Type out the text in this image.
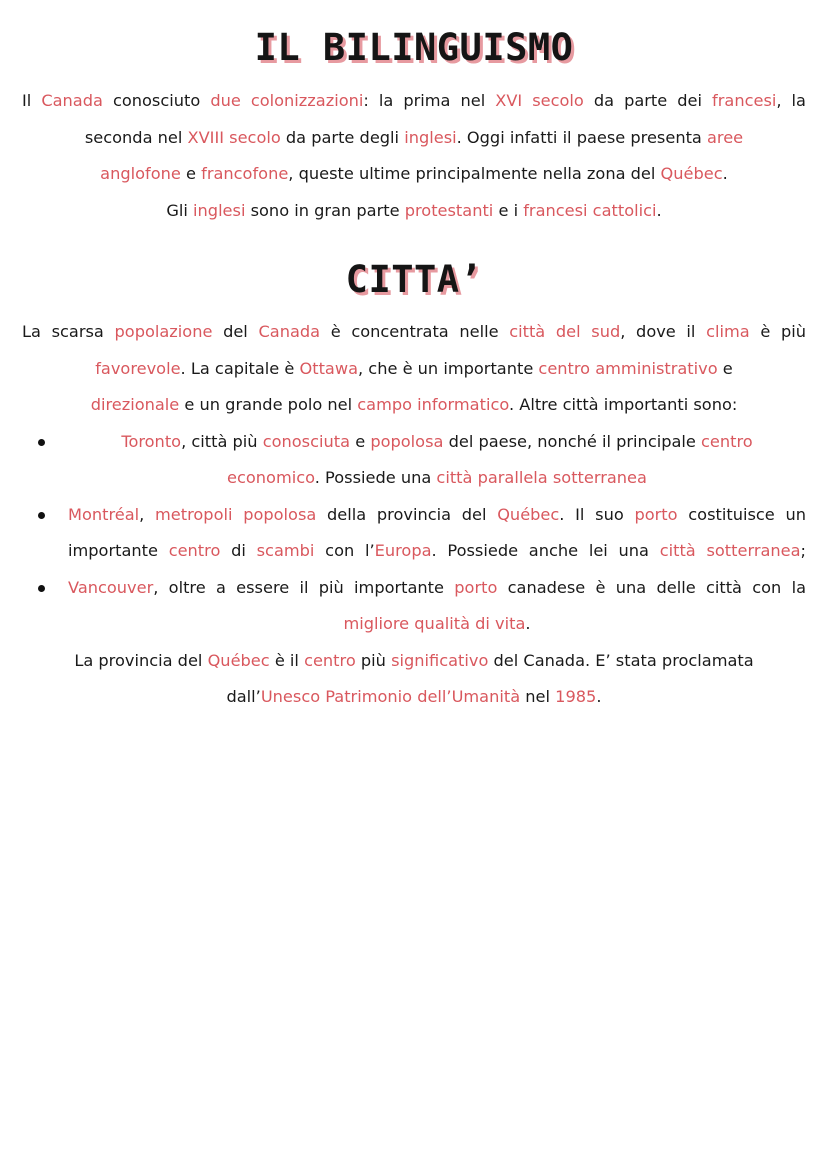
IL BILINGUISMO
Il Canada conosciuto due colonizzazioni: la prima nel XVI secolo da parte dei francesi, la
seconda nel XVIII secolo da parte degli inglesi. Oggi infatti il paese presenta aree
anglofone e francofone, queste ultime principalmente nella zona del Québec.
Gli inglesi sono in gran parte protestanti e i francesi cattolici.
CITTA’
La scarsa popolazione del Canada è concentrata nelle città del sud, dove il clima è più
favorevole. La capitale è Ottawa, che è un importante centro amministrativo e
direzionale e un grande polo nel campo informatico. Altre città importanti sono:
Toronto, città più conosciuta e popolosa del paese, nonché il principale centro
economico. Possiede una città parallela sotterranea
Montréal, metropoli popolosa della provincia del Québec. Il suo porto costituisce un
importante centro di scambi con l’Europa. Possiede anche lei una città sotterranea;
Vancouver, oltre a essere il più importante porto canadese è una delle città con la
migliore qualità di vita.
La provincia del Québec è il centro più significativo del Canada. E’ stata proclamata
dall’Unesco Patrimonio dell’Umanità nel 1985.
